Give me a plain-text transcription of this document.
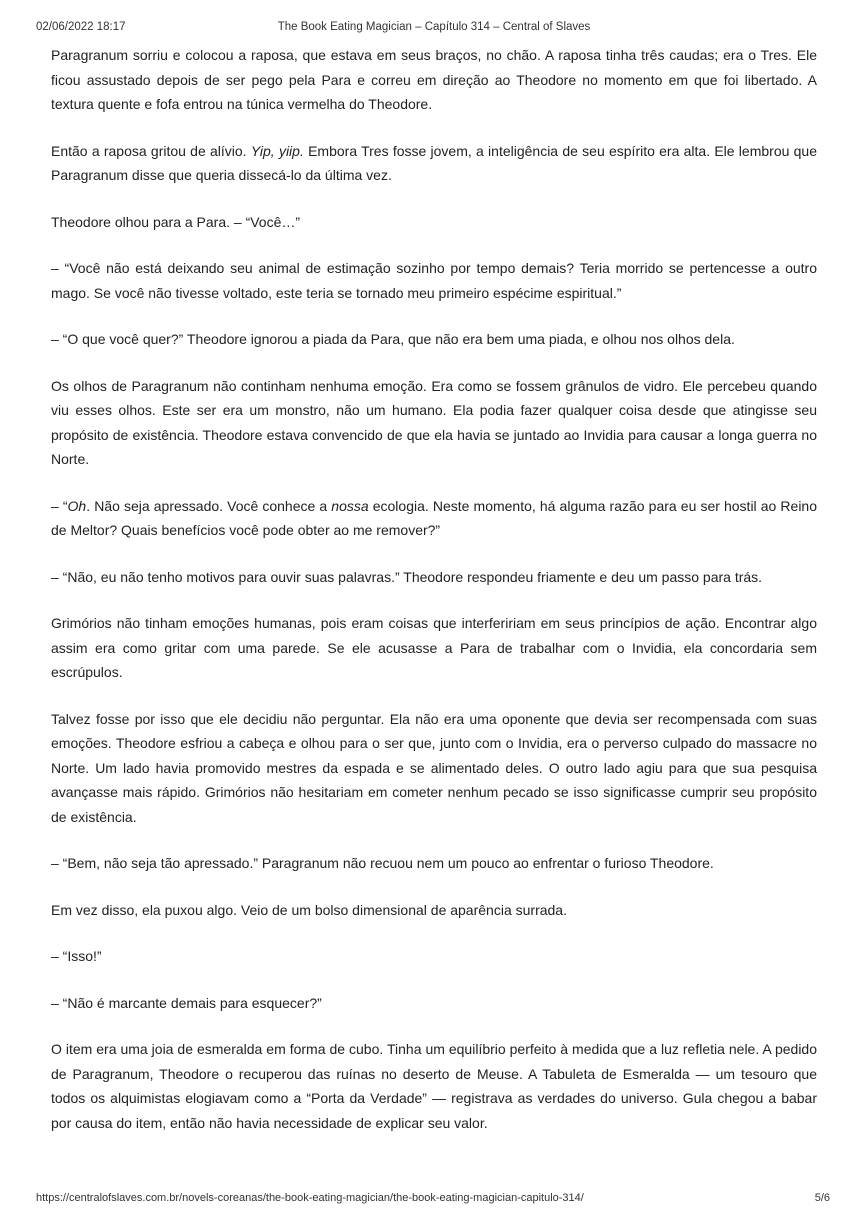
02/06/2022 18:17	The Book Eating Magician – Capítulo 314 – Central of Slaves

Paragranum sorriu e colocou a raposa, que estava em seus braços, no chão. A raposa tinha três caudas; era o Tres. Ele ficou assustado depois de ser pego pela Para e correu em direção ao Theodore no momento em que foi libertado. A textura quente e fofa entrou na túnica vermelha do Theodore.

Então a raposa gritou de alívio. Yip, yiip. Embora Tres fosse jovem, a inteligência de seu espírito era alta. Ele lembrou que Paragranum disse que queria dissecá-lo da última vez.

Theodore olhou para a Para. – “Você…”

– “Você não está deixando seu animal de estimação sozinho por tempo demais? Teria morrido se pertencesse a outro mago. Se você não tivesse voltado, este teria se tornado meu primeiro espécime espiritual.”

– “O que você quer?” Theodore ignorou a piada da Para, que não era bem uma piada, e olhou nos olhos dela.

Os olhos de Paragranum não continham nenhuma emoção. Era como se fossem grânulos de vidro. Ele percebeu quando viu esses olhos. Este ser era um monstro, não um humano. Ela podia fazer qualquer coisa desde que atingisse seu propósito de existência. Theodore estava convencido de que ela havia se juntado ao Invidia para causar a longa guerra no Norte.

– “Oh. Não seja apressado. Você conhece a nossa ecologia. Neste momento, há alguma razão para eu ser hostil ao Reino de Meltor? Quais benefícios você pode obter ao me remover?”

– “Não, eu não tenho motivos para ouvir suas palavras.” Theodore respondeu friamente e deu um passo para trás.

Grimórios não tinham emoções humanas, pois eram coisas que interfeririam em seus princípios de ação. Encontrar algo assim era como gritar com uma parede. Se ele acusasse a Para de trabalhar com o Invidia, ela concordaria sem escrúpulos.

Talvez fosse por isso que ele decidiu não perguntar. Ela não era uma oponente que devia ser recompensada com suas emoções. Theodore esfriou a cabeça e olhou para o ser que, junto com o Invidia, era o perverso culpado do massacre no Norte. Um lado havia promovido mestres da espada e se alimentado deles. O outro lado agiu para que sua pesquisa avançasse mais rápido. Grimórios não hesitariam em cometer nenhum pecado se isso significasse cumprir seu propósito de existência.

– “Bem, não seja tão apressado.” Paragranum não recuou nem um pouco ao enfrentar o furioso Theodore.

Em vez disso, ela puxou algo. Veio de um bolso dimensional de aparência surrada.

– “Isso!”

– “Não é marcante demais para esquecer?”

O item era uma joia de esmeralda em forma de cubo. Tinha um equilíbrio perfeito à medida que a luz refletia nele. A pedido de Paragranum, Theodore o recuperou das ruínas no deserto de Meuse. A Tabuleta de Esmeralda — um tesouro que todos os alquimistas elogiavam como a “Porta da Verdade” — registrava as verdades do universo. Gula chegou a babar por causa do item, então não havia necessidade de explicar seu valor.

https://centralofslaves.com.br/novels-coreanas/the-book-eating-magician/the-book-eating-magician-capitulo-314/	5/6
